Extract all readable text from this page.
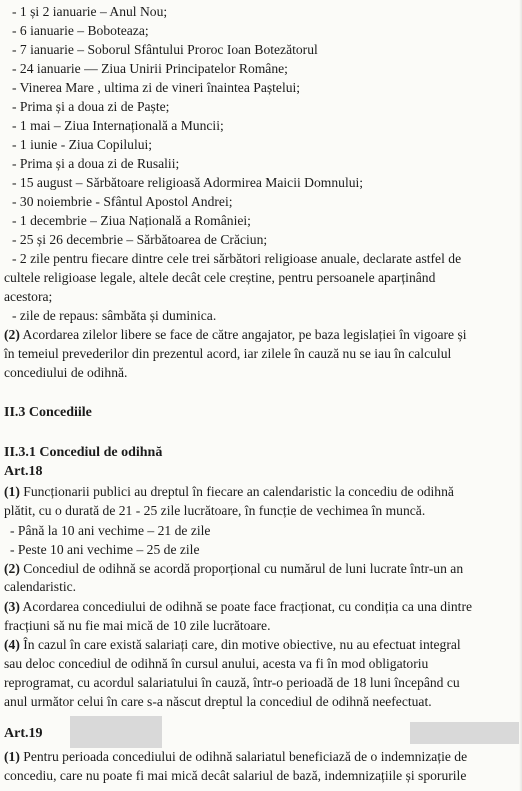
- 1 și 2 ianuarie – Anul Nou;
- 6 ianuarie – Boboteaza;
- 7 ianuarie – Soborul Sfântului Proroc Ioan Botezătorul
- 24 ianuarie — Ziua Unirii Principatelor Române;
- Vinerea Mare , ultima zi de vineri înaintea Paștelui;
- Prima și a doua zi de Paște;
- 1 mai – Ziua Internațională a Muncii;
- 1 iunie - Ziua Copilului;
- Prima și a doua zi de Rusalii;
- 15 august – Sărbătoare religioasă Adormirea Maicii Domnului;
- 30 noiembrie - Sfântul Apostol Andrei;
- 1 decembrie – Ziua Națională a României;
- 25 și 26 decembrie – Sărbătoarea de Crăciun;
- 2 zile pentru fiecare dintre cele trei sărbători religioase anuale, declarate astfel de
cultele religioase legale, altele decât cele creștine, pentru persoanele aparținând
acestora;
- zile de repaus: sâmbăta și duminica.
(2) Acordarea zilelor libere se face de către angajator, pe baza legislației în vigoare și
în temeiul prevederilor din prezentul acord, iar zilele în cauză nu se iau în calculul
concediului de odihnă.
II.3 Concediile
II.3.1 Concediul de odihnă
Art.18
(1) Funcționarii publici au dreptul în fiecare an calendaristic la concediu de odihnă
plătit, cu o durată de 21 - 25 zile lucrătoare, în funcție de vechimea în muncă.
- Până la 10 ani vechime – 21 de zile
- Peste 10 ani vechime – 25 de zile
(2) Concediul de odihnă se acordă proporțional cu numărul de luni lucrate într-un an
calendaristic.
(3) Acordarea concediului de odihnă se poate face fracționat, cu condiția ca una dintre
fracțiuni să nu fie mai mică de 10 zile lucrătoare.
(4) În cazul în care există salariați care, din motive obiective, nu au efectuat integral
sau deloc concediul de odihnă în cursul anului, acesta va fi în mod obligatoriu
reprogramat, cu acordul salariatului în cauză, într-o perioadă de 18 luni începând cu
anul următor celui în care s-a născut dreptul la concediul de odihnă neefectuat.
Art.19
(1) Pentru perioada concediului de odihnă salariatul beneficiază de o indemnizație de
concediu, care nu poate fi mai mică decât salariul de bază, indemnizațiile și sporurile
